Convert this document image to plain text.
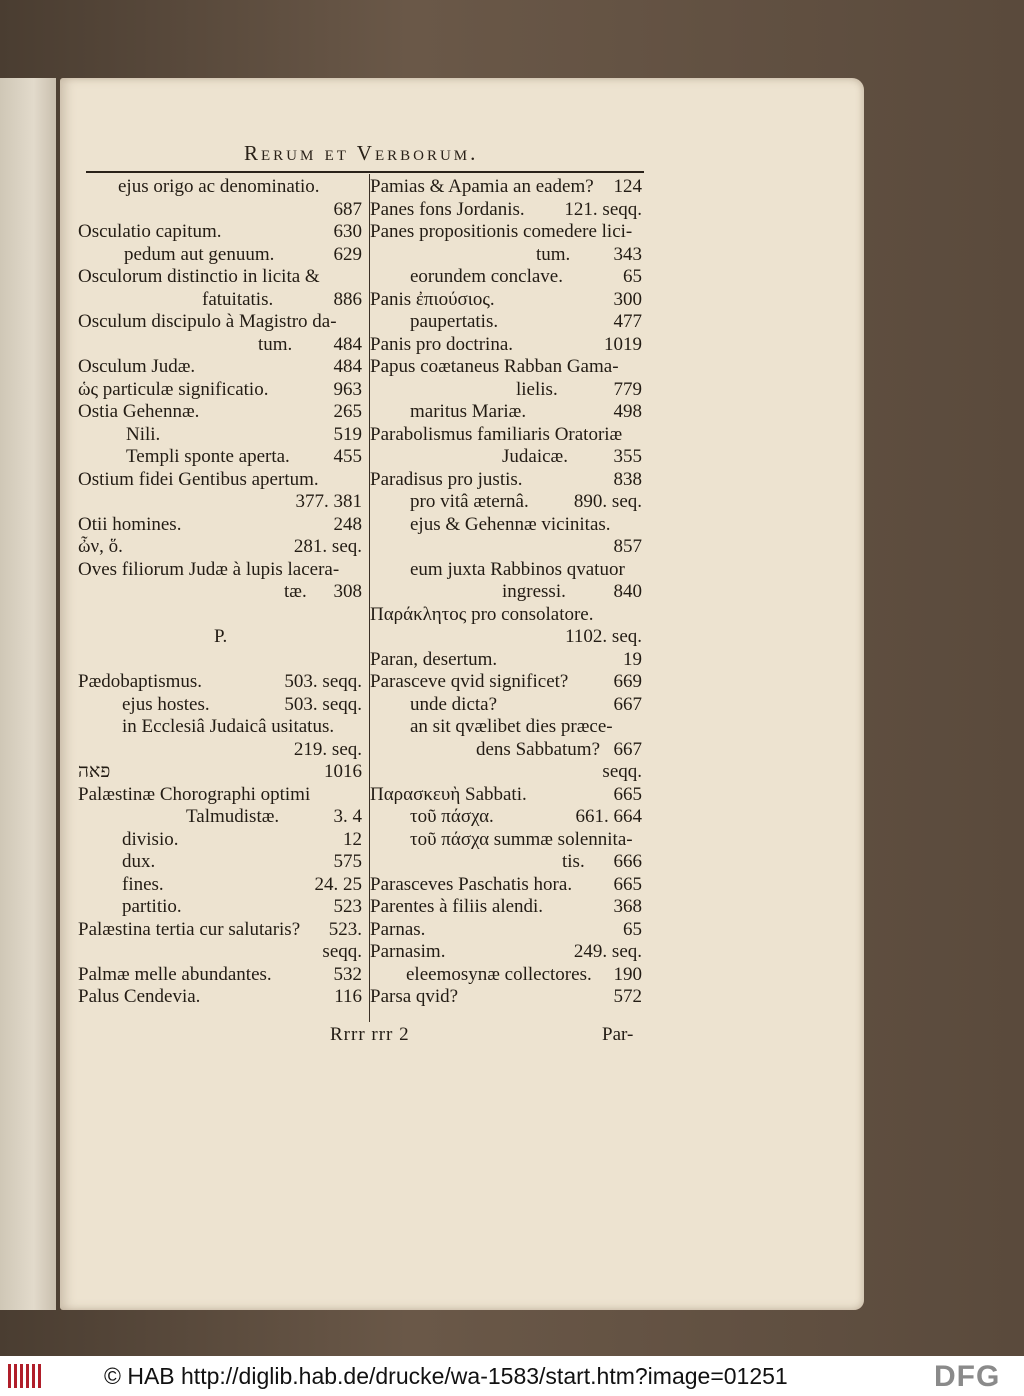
Rerum et Verborum.
ejus origo ac denominatio.
687
Osculatio capitum.	630
pedum aut genuum.	629
Osculorum distinctio in licita &
fatuitatis.	886
Osculum discipulo à Magistro da-
tum. 484
Osculum Judæ.	484
ὡς particulæ significatio.	963
Ostia Gehennæ.	265
Nili.	519
Templi sponte aperta. 455
Ostium fidei Gentibus apertum.
377. 381
Otii homines.	248
ὦν, ὅ.	281. seq.
Oves filiorum Judæ à lupis lacera-
tæ. 308
P.
Pædobaptismus.	503. seqq.
ejus hostes.	503. seqq.
in Ecclesiâ Judaicâ usitatus.
219. seq.
פאה	1016
Palæstinæ Chorographi optimi
Talmudistæ.	3. 4
divisio.	12
dux.	575
fines.	24. 25
partitio.	523
Palæstina tertia cur salutaris? 523.
seqq.
Palmæ melle abundantes.	532
Palus Cendevia.	116
Pamias & Apamia an eadem? 124
Panes fons Jordanis. 121. seqq.
Panes propositionis comedere lici-
tum. 343
eorundem conclave.	65
Panis ἐπιούσιος.	300
paupertatis.	477
Panis pro doctrina.	1019
Papus coætaneus Rabban Gama-
lielis.	779
maritus Mariæ.	498
Parabolismus familiaris Oratoriæ
Judaicæ. 355
Paradisus pro justis.	838
pro vitâ æternâ. 890. seq.
ejus & Gehennæ vicinitas.
857
eum juxta Rabbinos qvatuor
ingressi.	840
Παράκλητος pro consolatore.
1102. seq.
Paran, desertum.	19
Parasceve qvid significet? 669
unde dicta?	667
an sit qvælibet dies præce-
dens Sabbatum? 667
seqq.
Παρασκευὴ Sabbati.	665
τοῦ πάσχα.	661. 664
τοῦ πάσχα summæ solennita-
tis. 666
Parasceves Paschatis hora. 665
Parentes à filiis alendi.	368
Parnas.	65
Parnasim.	249. seq.
eleemosynæ collectores. 190
Parsa qvid?	572
Rrrr rrr 2	Par-
© HAB http://diglib.hab.de/drucke/wa-1583/start.htm?image=01251	DFG
